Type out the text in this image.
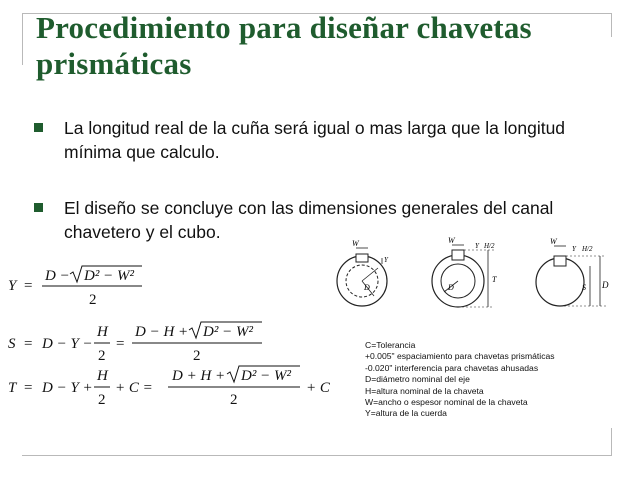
Procedimiento para diseñar chavetas prismáticas
La longitud real de la cuña será igual o mas larga que la longitud mínima que calculo.
El diseño se concluye con las dimensiones generales del canal chavetero y el cubo.
Y =
D − D² − W²
2
S = D − Y −
H
2
=
D − H + D² − W²
2
T = D − Y +
H
2
+ C =
D + H + D² − W²
2
+ C
W
Y
D
W
Y H/2
T
D
W
Y H/2
S D
C=Tolerancia
+0.005" espaciamiento para chavetas prismáticas
-0.020" interferencia para chavetas ahusadas
D=diámetro nominal del eje
H=altura nominal de la chaveta
W=ancho o espesor nominal de la chaveta
Y=altura de la cuerda
